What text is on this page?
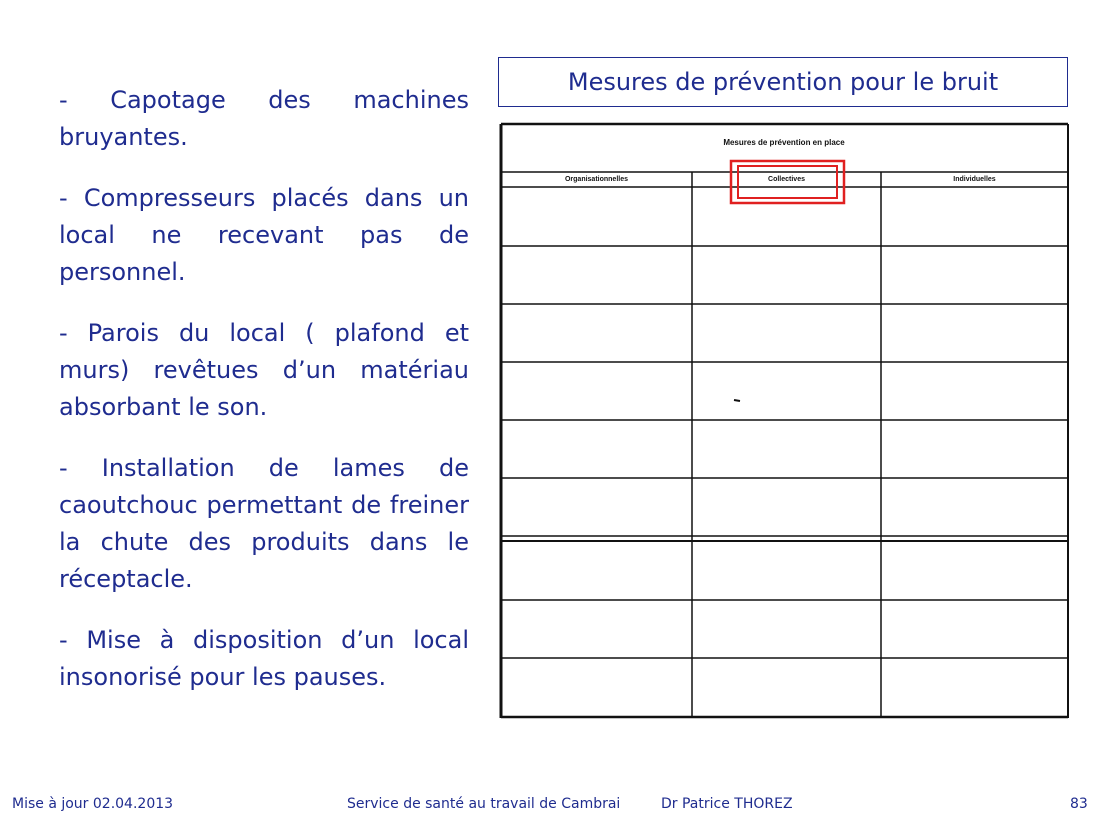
- Capotage des machines bruyantes.

- Compresseurs placés dans un local ne recevant pas de personnel.

- Parois du local ( plafond et murs) revêtues d’un matériau absorbant le son.

- Installation de lames de caoutchouc permettant de freiner la chute des produits dans le réceptacle.

- Mise à disposition d’un local insonorisé pour les pauses.

Mesures de prévention pour le bruit
Mesures de prévention en place
Organisationnelles	Collectives	Individuelles
Mise à jour 02.04.2013	Service de santé au travail de Cambrai	Dr Patrice THOREZ	83
